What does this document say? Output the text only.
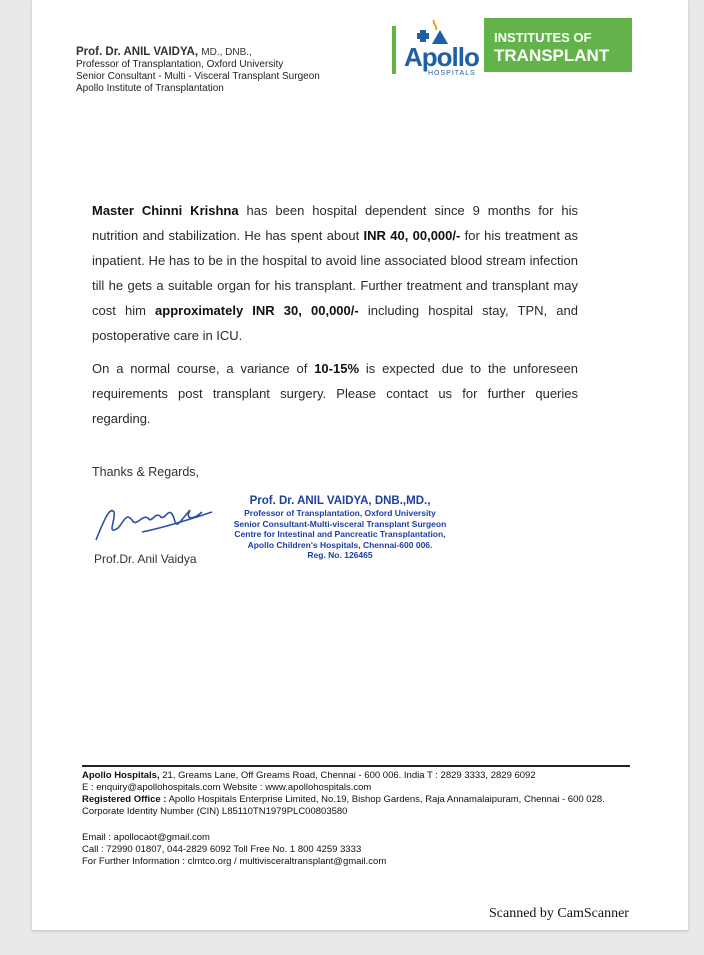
Prof. Dr. ANIL VAIDYA, MD., DNB.,
Professor of Transplantation, Oxford University
Senior Consultant - Multi - Visceral Transplant Surgeon
Apollo Institute of Transplantation
Apollo
HOSPITALS
INSTITUTES OF
TRANSPLANT

Master Chinni Krishna has been hospital dependent since 9 months for his nutrition and stabilization. He has spent about INR 40, 00,000/- for his treatment as inpatient. He has to be in the hospital to avoid line associated blood stream infection till he gets a suitable organ for his transplant. Further treatment and transplant may cost him approximately INR 30, 00,000/- including hospital stay, TPN, and postoperative care in ICU.

On a normal course, a variance of 10-15% is expected due to the unforeseen requirements post transplant surgery. Please contact us for further queries regarding.

Thanks & Regards,
Prof.Dr. Anil Vaidya
Prof. Dr. ANIL VAIDYA, DNB.,MD.,
Professor of Transplantation, Oxford University
Senior Consultant-Multi-visceral Transplant Surgeon
Centre for Intestinal and Pancreatic Transplantation,
Apollo Children's Hospitals, Chennai-600 006.
Reg. No. 126465
Apollo Hospitals, 21, Greams Lane, Off Greams Road, Chennai - 600 006. India T : 2829 3333, 2829 6092
E : enquiry@apollohospitals.com Website : www.apollohospitals.com
Registered Office : Apollo Hospitals Enterprise Limited, No.19, Bishop Gardens, Raja Annamalaipuram, Chennai - 600 028.
Corporate Identity Number (CIN) L85110TN1979PLC00803580
Email : apollocaot@gmail.com
Call : 72990 01807, 044-2829 6092 Toll Free No. 1 800 4259 3333
For Further Information : clmtco.org / multivisceraltransplant@gmail.com
Scanned by CamScanner
